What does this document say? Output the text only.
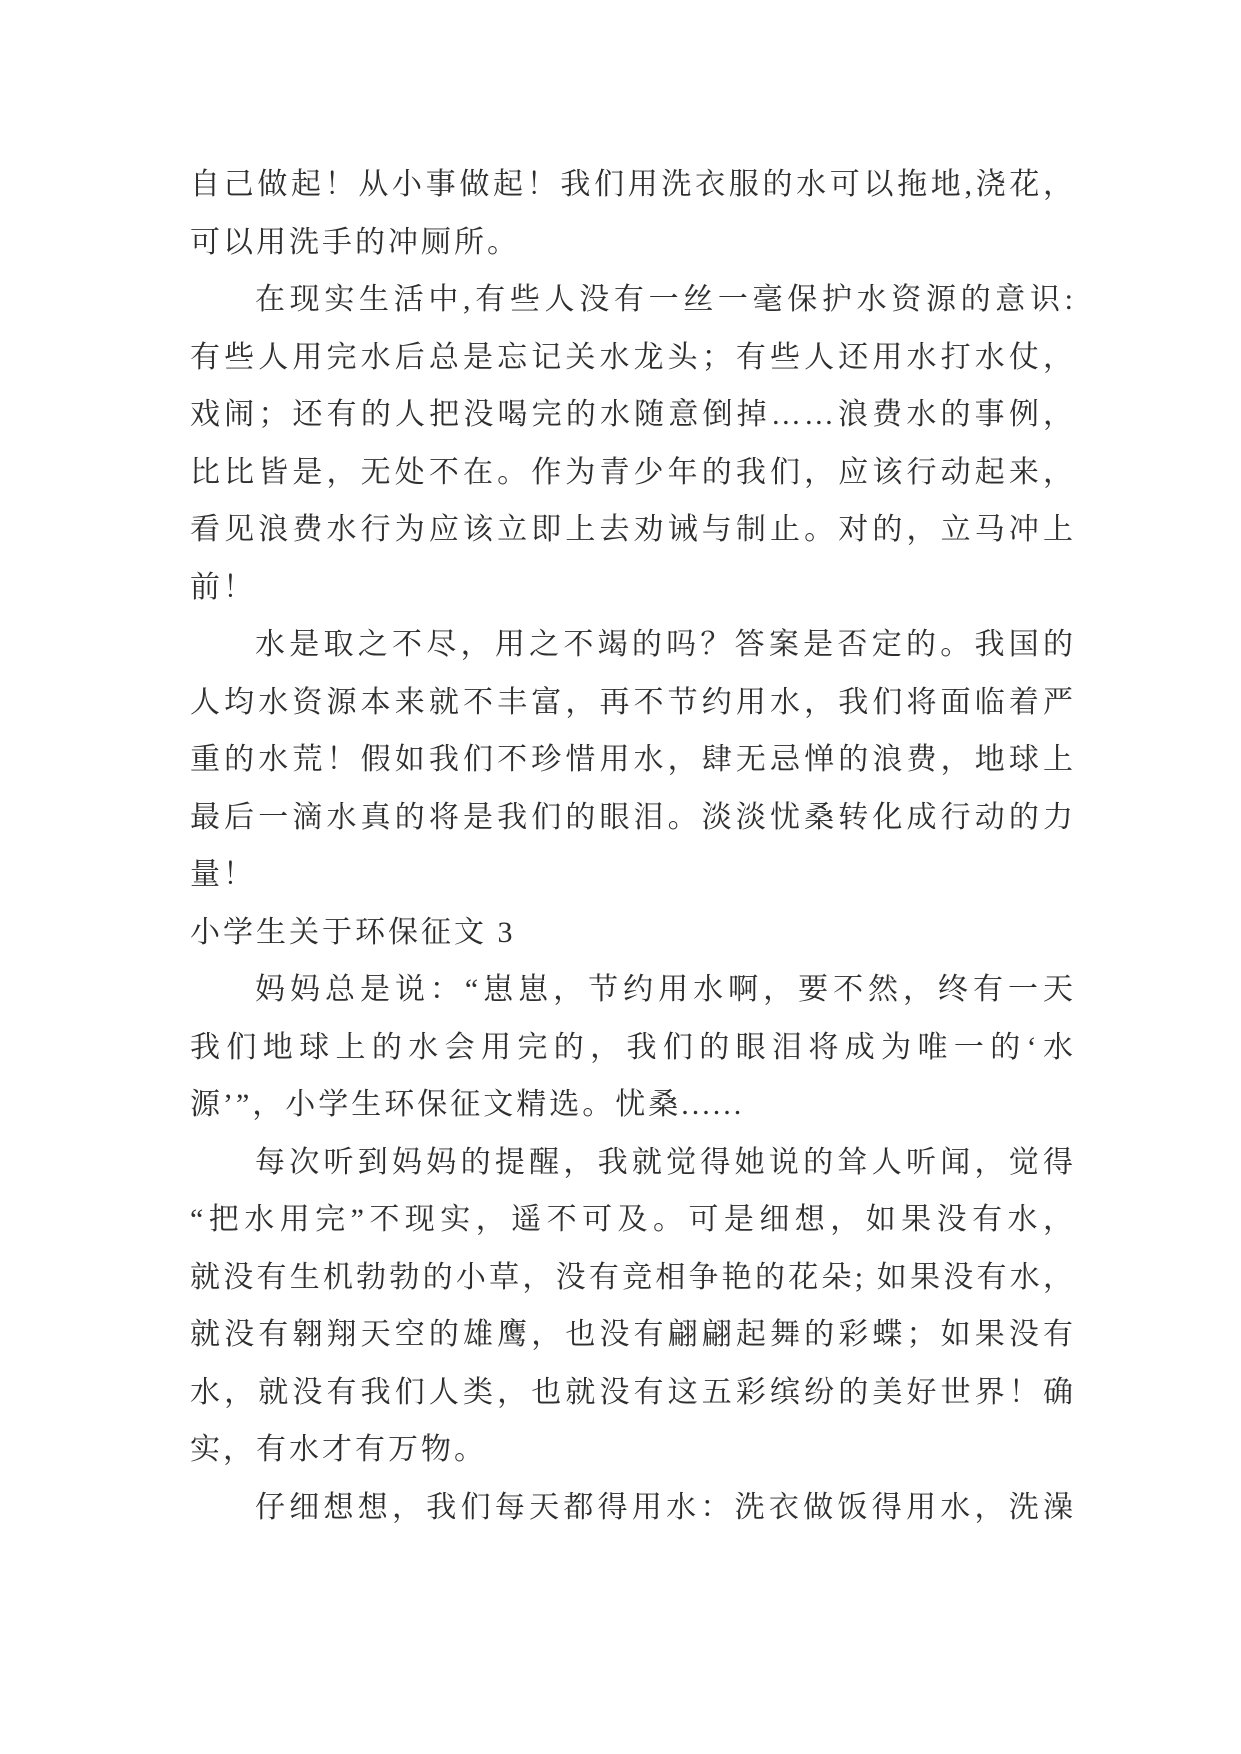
自己做起！从小事做起！我们用洗衣服的水可以拖地,浇花，
可以用洗手的冲厕所。
在现实生活中,有些人没有一丝一毫保护水资源的意识:
有些人用完水后总是忘记关水龙头；有些人还用水打水仗，
戏闹；还有的人把没喝完的水随意倒掉……浪费水的事例，
比比皆是，无处不在。作为青少年的我们，应该行动起来，
看见浪费水行为应该立即上去劝诫与制止。对的，立马冲上
前！
水是取之不尽，用之不竭的吗？答案是否定的。我国的
人均水资源本来就不丰富，再不节约用水，我们将面临着严
重的水荒！假如我们不珍惜用水，肆无忌惮的浪费，地球上
最后一滴水真的将是我们的眼泪。淡淡忧桑转化成行动的力
量！
小学生关于环保征文 3
妈妈总是说：“崽崽，节约用水啊，要不然，终有一天
我们地球上的水会用完的，我们的眼泪将成为唯一的‘水
源’”，小学生环保征文精选。忧桑......
每次听到妈妈的提醒，我就觉得她说的耸人听闻，觉得
“把水用完”不现实，遥不可及。可是细想，如果没有水，
就没有生机勃勃的小草，没有竞相争艳的花朵; 如果没有水，
就没有翱翔天空的雄鹰，也没有翩翩起舞的彩蝶；如果没有
水，就没有我们人类，也就没有这五彩缤纷的美好世界！确
实，有水才有万物。
仔细想想，我们每天都得用水：洗衣做饭得用水，洗澡
